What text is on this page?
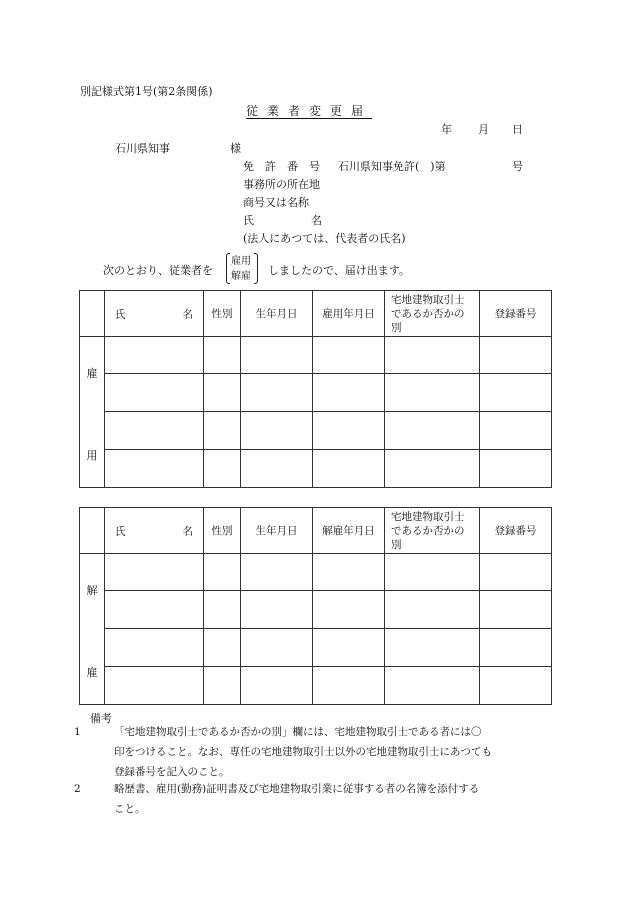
別記様式第1号(第2条関係)
従業者変更届
年 月 日
石川県知事	様
免　許　番　号 石川県知事免許(　)第	号
事務所の所在地
商号又は名称
氏	名
(法人にあつては、代表者の氏名)
次のとおり、従業者を
雇用
解雇 しましたので、届け出ます。

	氏 名	性別	生年月日	雇用年月日	宅地建物取引士であるか否かの別	登録番号

雇
用						

	氏 名	性別	生年月日	解雇年月日	宅地建物取引士であるか否かの別	登録番号

解
雇						

備考
1	「宅地建物取引士であるか否かの別」欄には、宅地建物取引士である者には〇
印をつけること。なお、専任の宅地建物取引士以外の宅地建物取引士にあつても
登録番号を記入のこと。
2	略歴書、雇用(勤務)証明書及び宅地建物取引業に従事する者の名簿を添付する
こと。
